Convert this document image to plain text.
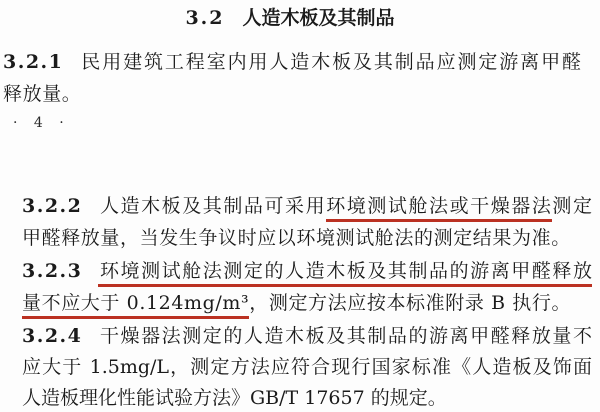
3.2 人造木板及其制品
3.2.1 民用建筑工程室内用人造木板及其制品应测定游离甲醛
释放量。
· 4 ·
3.2.2 人造木板及其制品可采用环境测试舱法或干燥器法测定
甲醛释放量，当发生争议时应以环境测试舱法的测定结果为准。
3.2.3 环境测试舱法测定的人造木板及其制品的游离甲醛释放
量不应大于 0.124mg/m³，测定方法应按本标准附录 B 执行。
3.2.4 干燥器法测定的人造木板及其制品的游离甲醛释放量不
应大于 1.5mg/L，测定方法应符合现行国家标准《人造板及饰面
人造板理化性能试验方法》GB/T 17657 的规定。
